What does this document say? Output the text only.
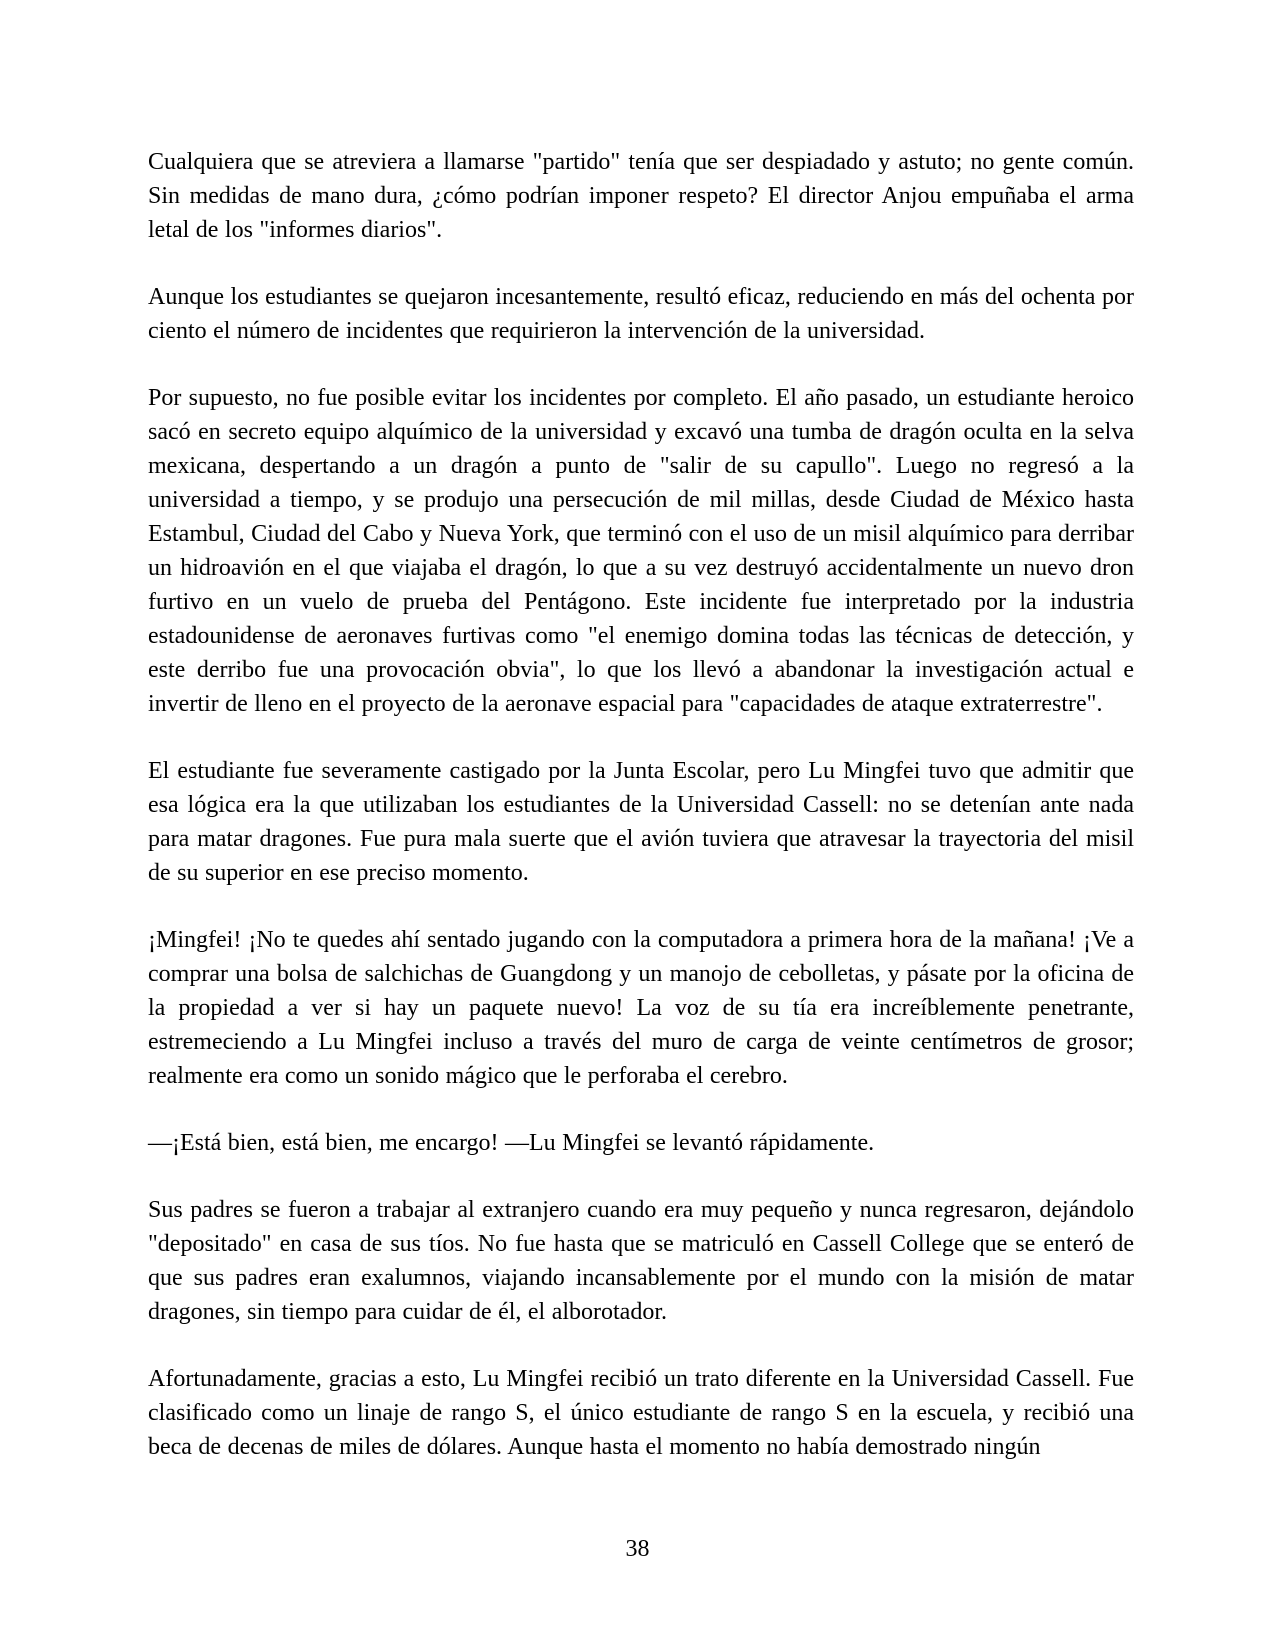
Cualquiera que se atreviera a llamarse "partido" tenía que ser despiadado y astuto; no gente común. Sin medidas de mano dura, ¿cómo podrían imponer respeto? El director Anjou empuñaba el arma letal de los "informes diarios".

Aunque los estudiantes se quejaron incesantemente, resultó eficaz, reduciendo en más del ochenta por ciento el número de incidentes que requirieron la intervención de la universidad.

Por supuesto, no fue posible evitar los incidentes por completo. El año pasado, un estudiante heroico sacó en secreto equipo alquímico de la universidad y excavó una tumba de dragón oculta en la selva mexicana, despertando a un dragón a punto de "salir de su capullo". Luego no regresó a la universidad a tiempo, y se produjo una persecución de mil millas, desde Ciudad de México hasta Estambul, Ciudad del Cabo y Nueva York, que terminó con el uso de un misil alquímico para derribar un hidroavión en el que viajaba el dragón, lo que a su vez destruyó accidentalmente un nuevo dron furtivo en un vuelo de prueba del Pentágono. Este incidente fue interpretado por la industria estadounidense de aeronaves furtivas como "el enemigo domina todas las técnicas de detección, y este derribo fue una provocación obvia", lo que los llevó a abandonar la investigación actual e invertir de lleno en el proyecto de la aeronave espacial para "capacidades de ataque extraterrestre".

El estudiante fue severamente castigado por la Junta Escolar, pero Lu Mingfei tuvo que admitir que esa lógica era la que utilizaban los estudiantes de la Universidad Cassell: no se detenían ante nada para matar dragones. Fue pura mala suerte que el avión tuviera que atravesar la trayectoria del misil de su superior en ese preciso momento.

¡Mingfei! ¡No te quedes ahí sentado jugando con la computadora a primera hora de la mañana! ¡Ve a comprar una bolsa de salchichas de Guangdong y un manojo de cebolletas, y pásate por la oficina de la propiedad a ver si hay un paquete nuevo! La voz de su tía era increíblemente penetrante, estremeciendo a Lu Mingfei incluso a través del muro de carga de veinte centímetros de grosor; realmente era como un sonido mágico que le perforaba el cerebro.

—¡Está bien, está bien, me encargo! —Lu Mingfei se levantó rápidamente.

Sus padres se fueron a trabajar al extranjero cuando era muy pequeño y nunca regresaron, dejándolo "depositado" en casa de sus tíos. No fue hasta que se matriculó en Cassell College que se enteró de que sus padres eran exalumnos, viajando incansablemente por el mundo con la misión de matar dragones, sin tiempo para cuidar de él, el alborotador.

Afortunadamente, gracias a esto, Lu Mingfei recibió un trato diferente en la Universidad Cassell. Fue clasificado como un linaje de rango S, el único estudiante de rango S en la escuela, y recibió una beca de decenas de miles de dólares. Aunque hasta el momento no había demostrado ningún

38
